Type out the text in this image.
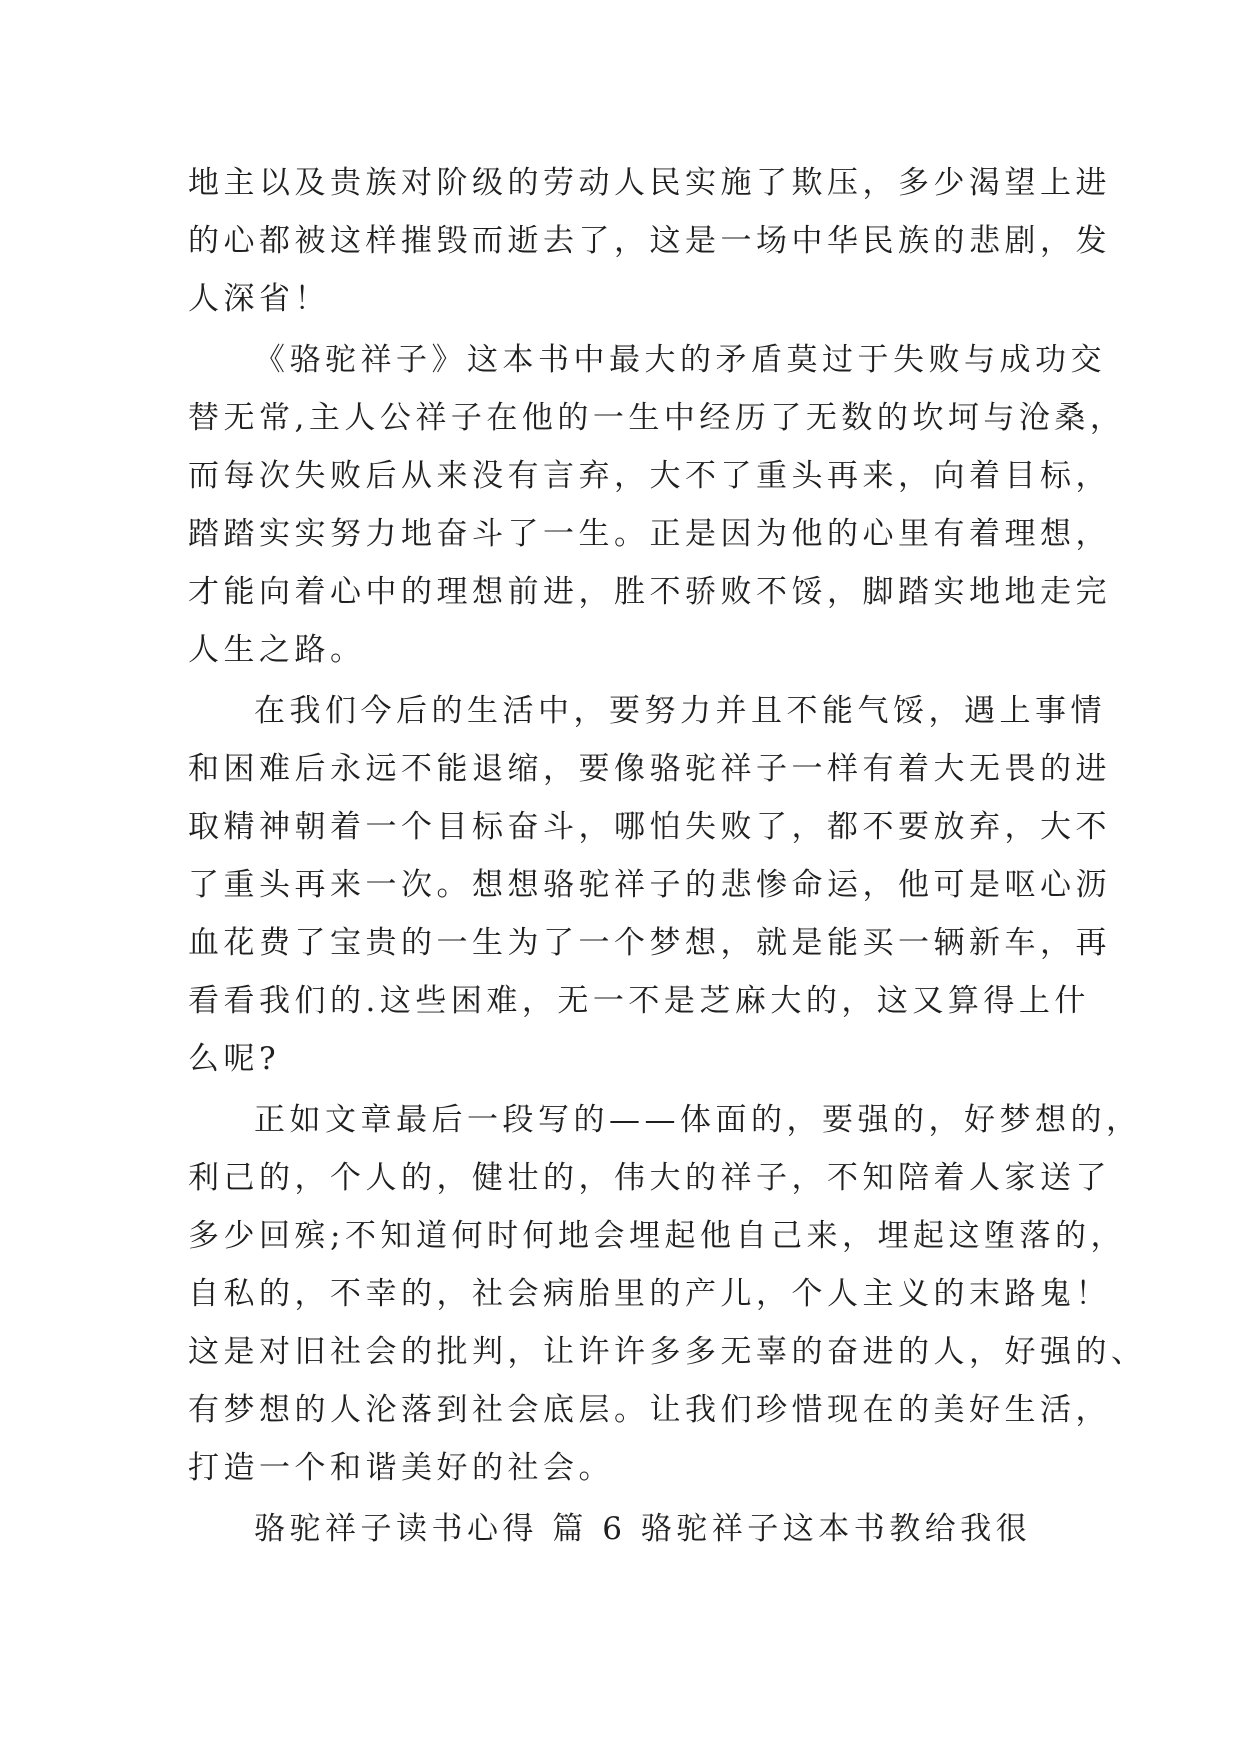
地主以及贵族对阶级的劳动人民实施了欺压，多少渴望上进
的心都被这样摧毁而逝去了，这是一场中华民族的悲剧，发
人深省！
《骆驼祥子》这本书中最大的矛盾莫过于失败与成功交
替无常,主人公祥子在他的一生中经历了无数的坎坷与沧桑，
而每次失败后从来没有言弃，大不了重头再来，向着目标，
踏踏实实努力地奋斗了一生。正是因为他的心里有着理想，
才能向着心中的理想前进，胜不骄败不馁，脚踏实地地走完
人生之路。
在我们今后的生活中，要努力并且不能气馁，遇上事情
和困难后永远不能退缩，要像骆驼祥子一样有着大无畏的进
取精神朝着一个目标奋斗，哪怕失败了，都不要放弃，大不
了重头再来一次。想想骆驼祥子的悲惨命运，他可是呕心沥
血花费了宝贵的一生为了一个梦想，就是能买一辆新车，再
看看我们的.这些困难，无一不是芝麻大的，这又算得上什
么呢?
正如文章最后一段写的——体面的，要强的，好梦想的，
利己的，个人的，健壮的，伟大的祥子，不知陪着人家送了
多少回殡;不知道何时何地会埋起他自己来，埋起这堕落的，
自私的，不幸的，社会病胎里的产儿，个人主义的末路鬼！
这是对旧社会的批判，让许许多多无辜的奋进的人，好强的、
有梦想的人沦落到社会底层。让我们珍惜现在的美好生活，
打造一个和谐美好的社会。
骆驼祥子读书心得 篇 6 骆驼祥子这本书教给我很
